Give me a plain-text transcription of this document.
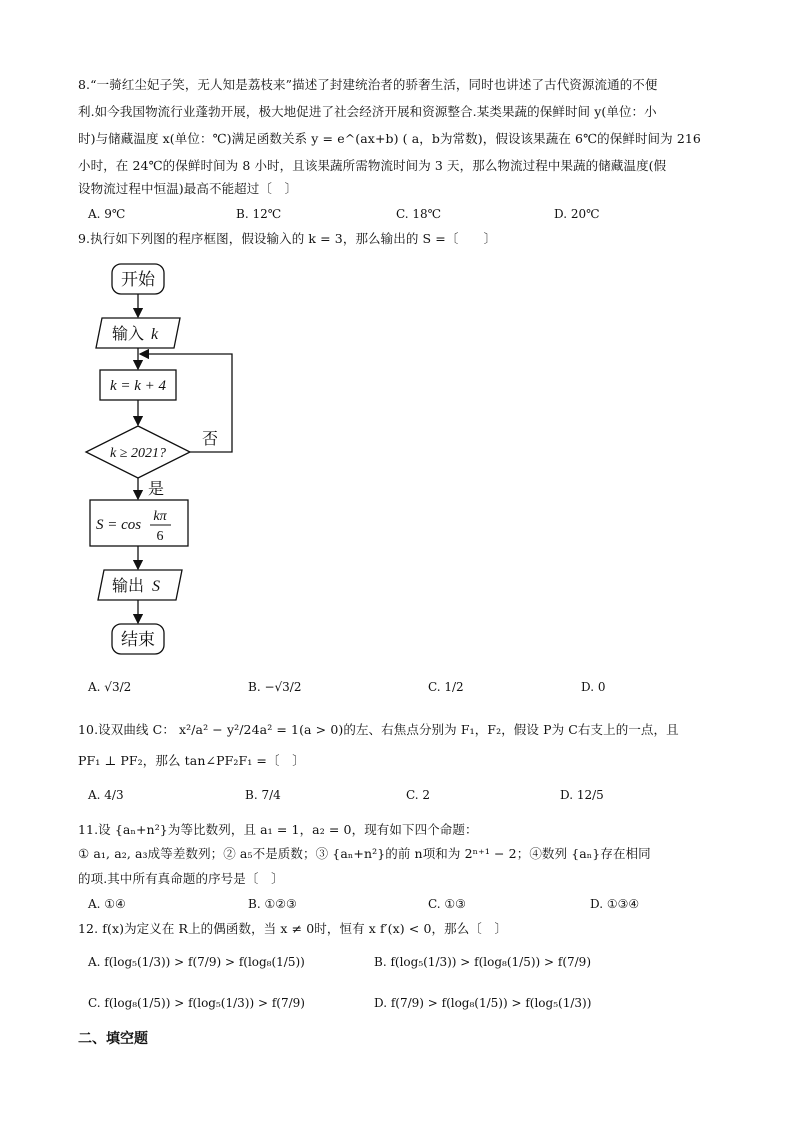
8.“一骑红尘妃子笑，无人知是荔枝来”描述了封建统治者的骄奢生活，同时也讲述了古代资源流通的不便
利.如今我国物流行业蓬勃开展，极大地促进了社会经济开展和资源整合.某类果蔬的保鲜时间 y(单位：小
时)与储藏温度 x(单位：℃)满足函数关系 y = e^(ax+b) ( a，b为常数)，假设该果蔬在 6℃的保鲜时间为 216
小时，在 24℃的保鲜时间为 8 小时，且该果蔬所需物流时间为 3 天，那么物流过程中果蔬的储藏温度(假
设物流过程中恒温)最高不能超过〔　〕
A. 9℃	B. 12℃	C. 18℃	D. 20℃
9.执行如下列图的程序框图，假设输入的 k = 3，那么输出的 S =〔　　〕
开始
输入 k
k = k + 4
k ≥ 2021?
否
是
S = cos
kπ
6
输出 S
结束
A. √3/2	B. −√3/2	C. 1/2	D. 0
10.设双曲线 C： x²/a² − y²/24a² = 1(a > 0)的左、右焦点分别为 F₁，F₂，假设 P为 C右支上的一点，且
PF₁ ⊥ PF₂，那么 tan∠PF₂F₁ =〔　〕
A. 4/3	B. 7/4	C. 2	D. 12/5
11.设 {aₙ+n²}为等比数列，且 a₁ = 1，a₂ = 0，现有如下四个命题：
① a₁, a₂, a₃成等差数列；② a₅不是质数；③ {aₙ+n²}的前 n项和为 2ⁿ⁺¹ − 2；④数列 {aₙ}存在相同
的项.其中所有真命题的序号是〔　〕
A. ①④	B. ①②③	C. ①③	D. ①③④
12. f(x)为定义在 R上的偶函数，当 x ≠ 0时，恒有 x f′(x) < 0，那么〔　〕
A. f(log₅(1/3)) > f(7/9) > f(log₈(1/5))	B. f(log₅(1/3)) > f(log₈(1/5)) > f(7/9)
C. f(log₈(1/5)) > f(log₅(1/3)) > f(7/9)	D. f(7/9) > f(log₈(1/5)) > f(log₅(1/3))
二、填空题
